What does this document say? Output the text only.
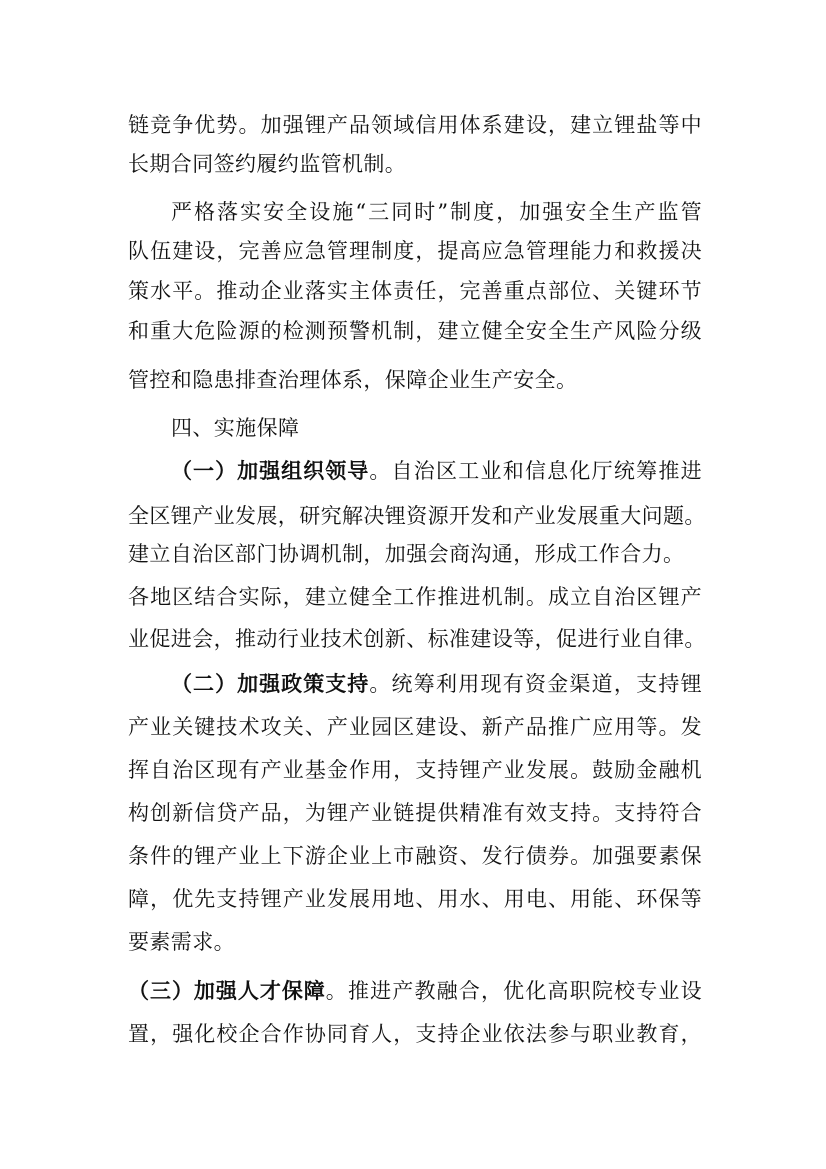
链竞争优势。加强锂产品领域信用体系建设，建立锂盐等中
长期合同签约履约监管机制。
严格落实安全设施“三同时”制度，加强安全生产监管
队伍建设，完善应急管理制度，提高应急管理能力和救援决
策水平。推动企业落实主体责任，完善重点部位、关键环节
和重大危险源的检测预警机制，建立健全安全生产风险分级
管控和隐患排查治理体系，保障企业生产安全。
四、实施保障
（一）加强组织领导。自治区工业和信息化厅统筹推进
全区锂产业发展，研究解决锂资源开发和产业发展重大问题。
建立自治区部门协调机制，加强会商沟通，形成工作合力。
各地区结合实际，建立健全工作推进机制。成立自治区锂产
业促进会，推动行业技术创新、标准建设等，促进行业自律。
（二）加强政策支持。统筹利用现有资金渠道，支持锂
产业关键技术攻关、产业园区建设、新产品推广应用等。发
挥自治区现有产业基金作用，支持锂产业发展。鼓励金融机
构创新信贷产品，为锂产业链提供精准有效支持。支持符合
条件的锂产业上下游企业上市融资、发行债券。加强要素保
障，优先支持锂产业发展用地、用水、用电、用能、环保等
要素需求。
（三）加强人才保障。推进产教融合，优化高职院校专业设
置，强化校企合作协同育人，支持企业依法参与职业教育，
